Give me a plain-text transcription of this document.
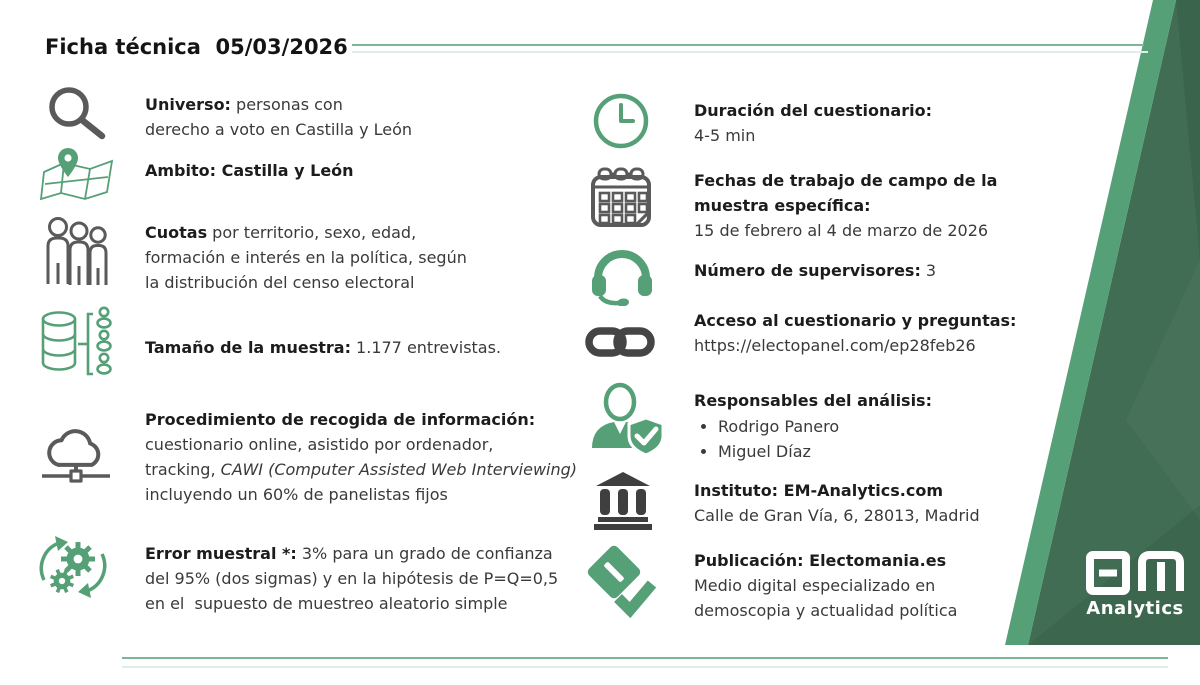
Ficha técnica  05/03/2026
Universo: personas con
derecho a voto en Castilla y León
Ambito: Castilla y León
Cuotas por territorio, sexo, edad,
formación e interés en la política, según
la distribución del censo electoral
Tamaño de la muestra: 1.177 entrevistas.
Procedimiento de recogida de información:
cuestionario online, asistido por ordenador,
tracking, CAWI (Computer Assisted Web Interviewing)
incluyendo un 60% de panelistas fijos
Error muestral *: 3% para un grado de confianza
del 95% (dos sigmas) y en la hipótesis de P=Q=0,5
en el  supuesto de muestreo aleatorio simple
Duración del cuestionario:
4-5 min
Fechas de trabajo de campo de la
muestra específica:
15 de febrero al 4 de marzo de 2026
Número de supervisores: 3
Acceso al cuestionario y preguntas:
https://electopanel.com/ep28feb26
Responsables del análisis:
• Rodrigo Panero
• Miguel Díaz
Instituto: EM-Analytics.com
Calle de Gran Vía, 6, 28013, Madrid
Publicación: Electomania.es
Medio digital especializado en
demoscopia y actualidad política	Analytics
